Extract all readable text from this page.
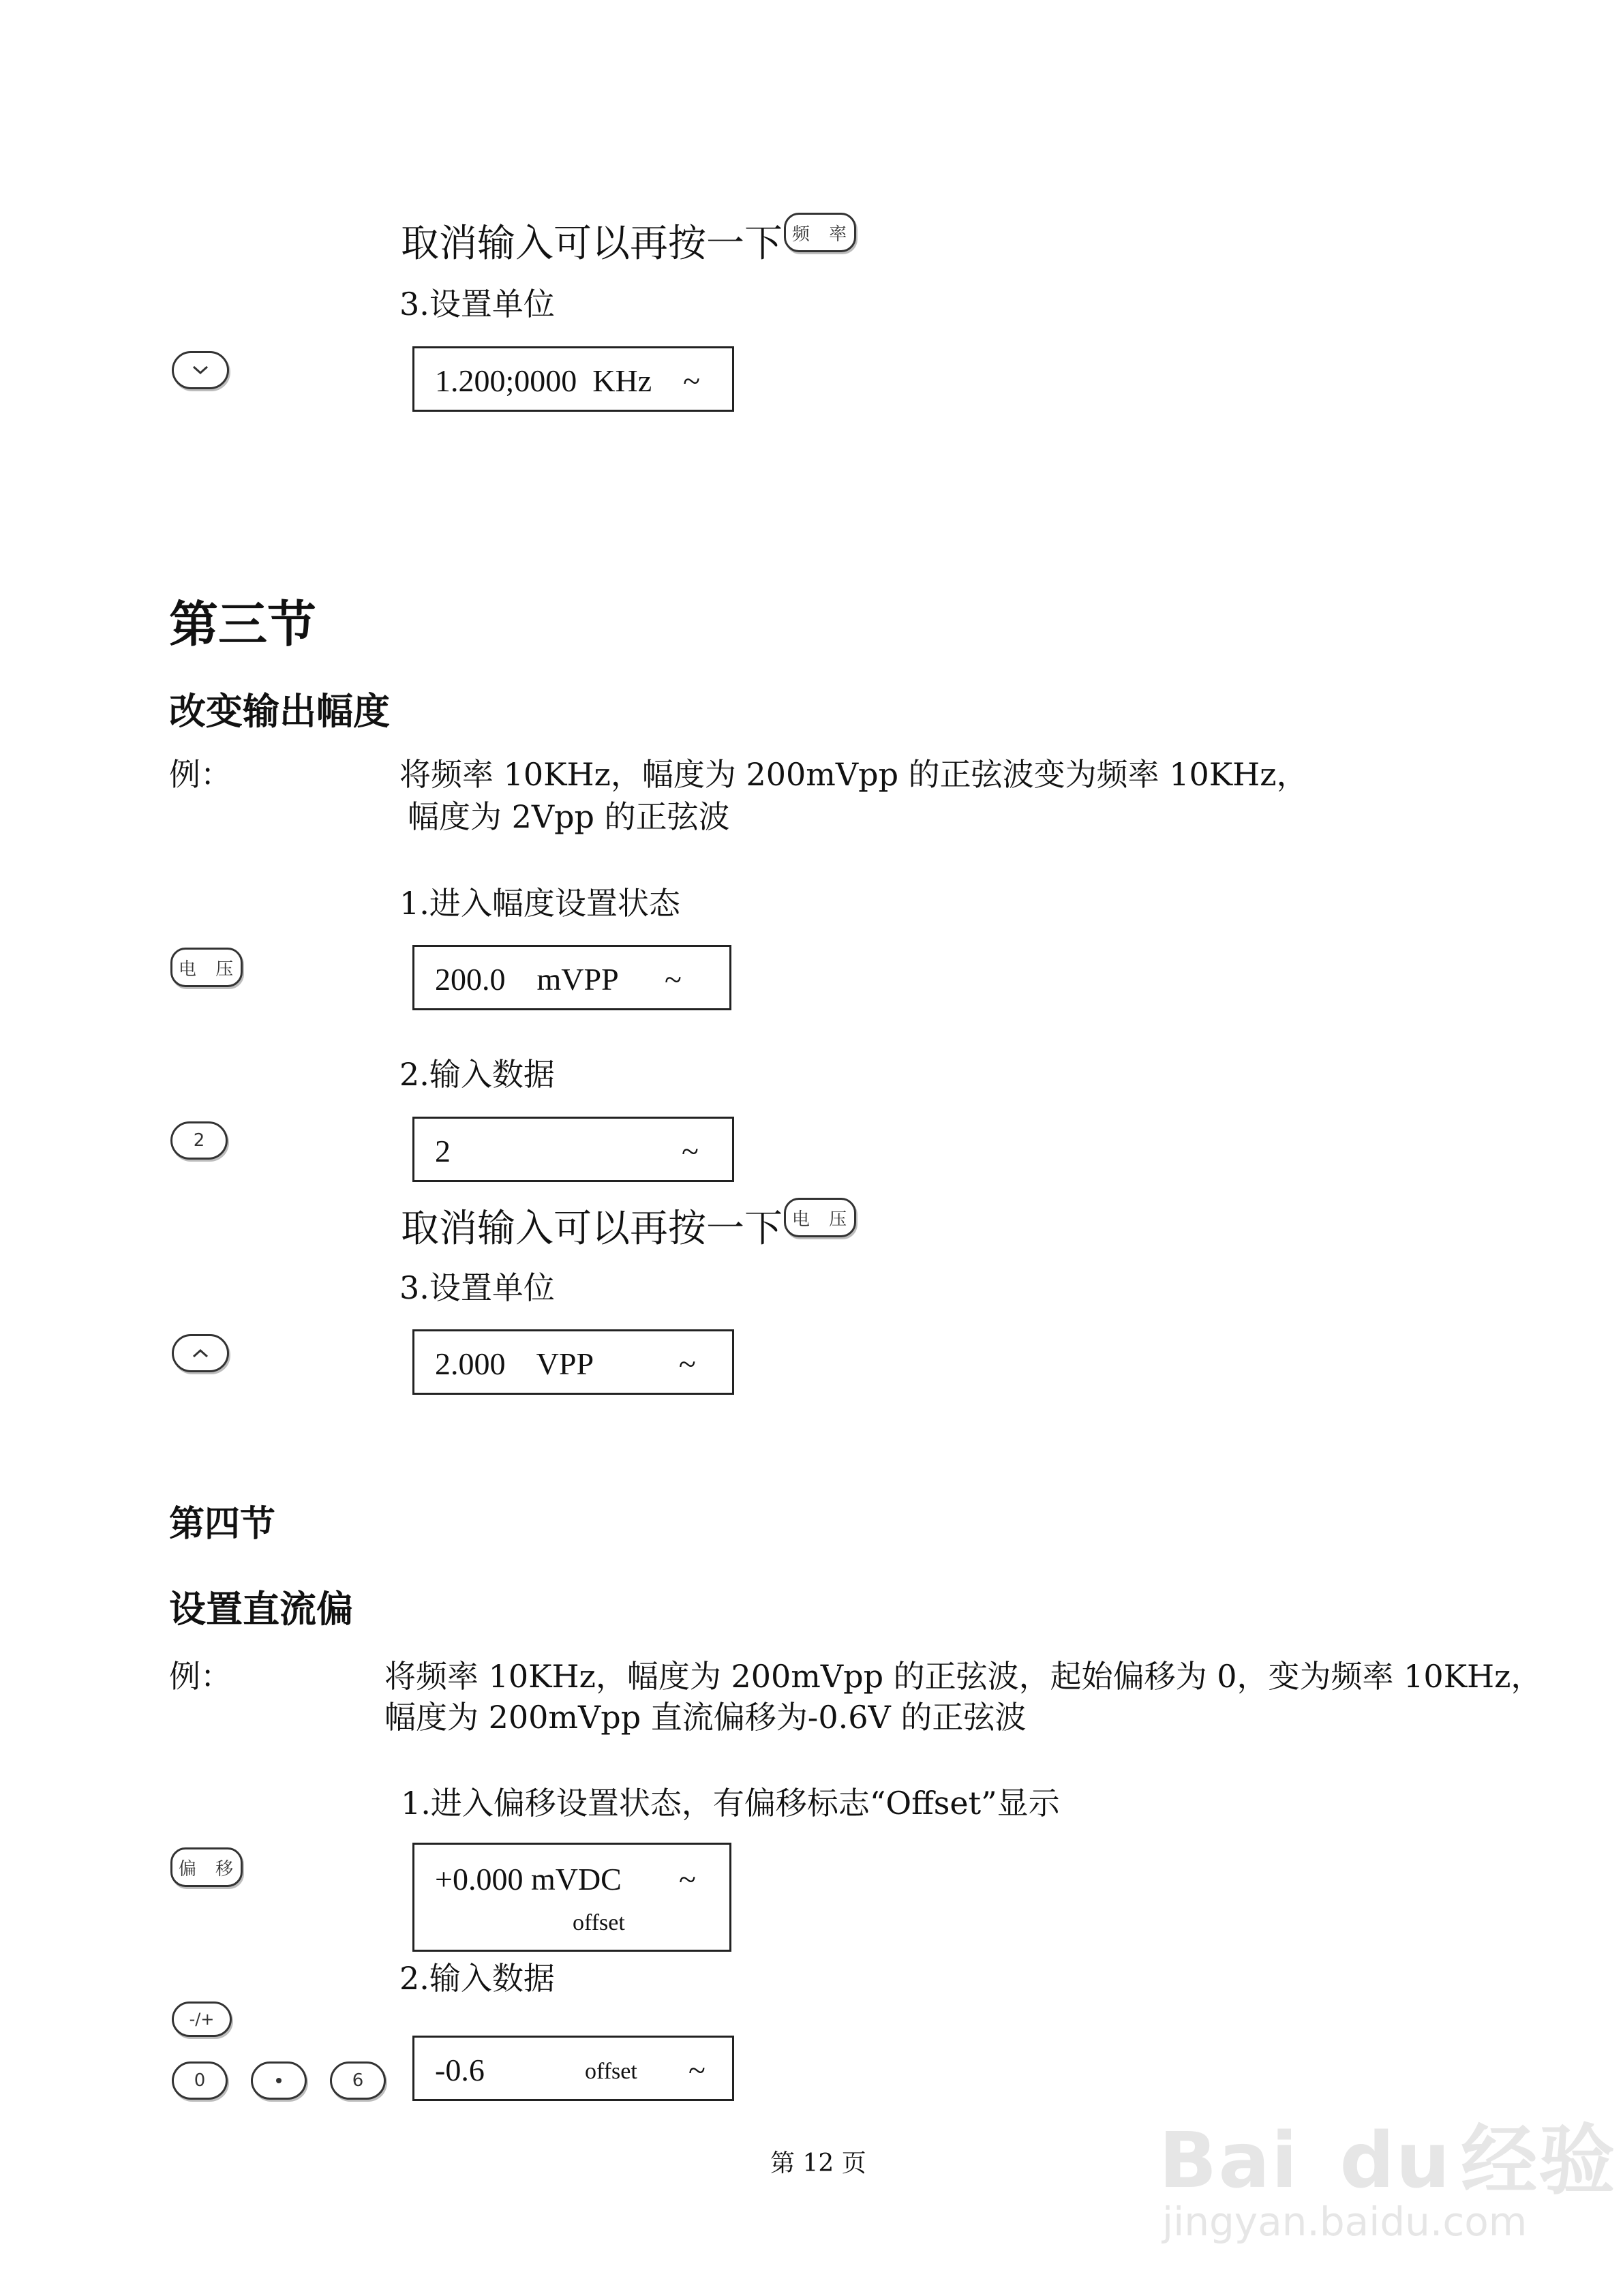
取消输入可以再按一下 频 率
3.设置单位
1.200;0000  KHz    ~
第三节
改变输出幅度
例：	将频率 10KHz，幅度为 200mVpp 的正弦波变为频率 10KHz，
幅度为 2Vpp 的正弦波
1.进入幅度设置状态
电 压	200.0    mVPP      ~
2.输入数据
2	2	~
取消输入可以再按一下 电 压
3.设置单位
2.000    VPP           ~
第四节
设置直流偏
例：	将频率 10KHz，幅度为 200mVpp 的正弦波，起始偏移为 0，变为频率 10KHz，
幅度为 200mVpp 直流偏移为-0.6V 的正弦波
1.进入偏移设置状态，有偏移标志“Offset”显示
偏 移	+0.000 mVDC ~
offset
2.输入数据
-/+
0	6	-0.6	offset ~
第 12 页	Bai du 经验
jingyan.baidu.com
